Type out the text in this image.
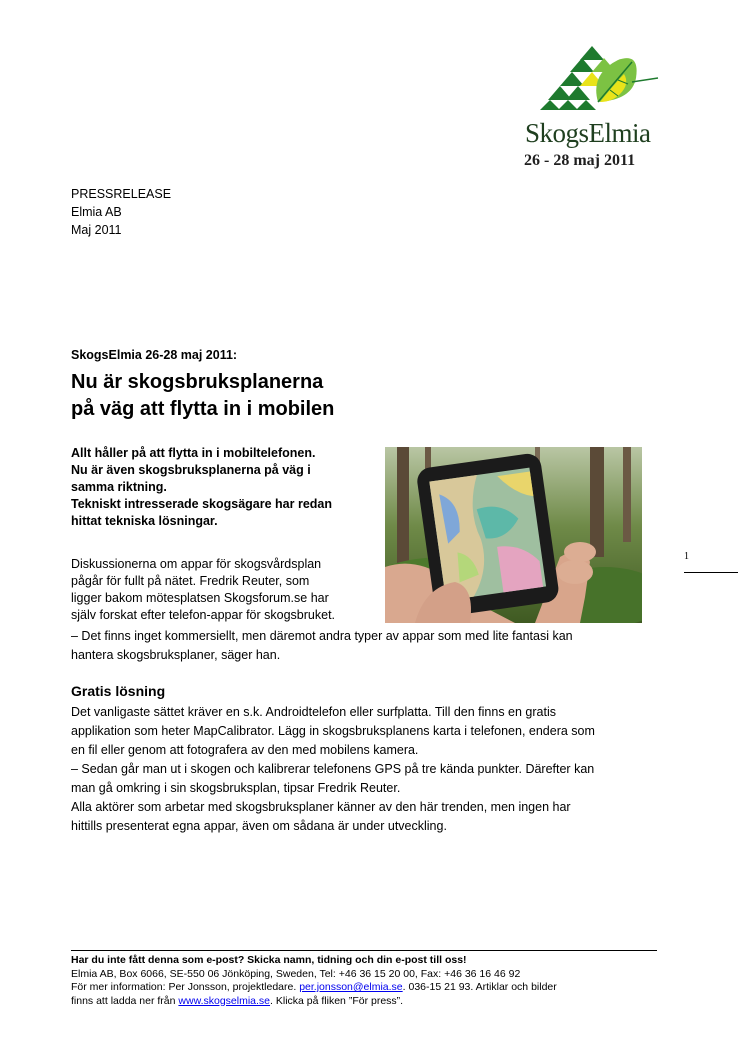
SkogsElmia
26 - 28 maj 2011
PRESSRELEASE
Elmia AB
Maj 2011
SkogsElmia 26-28 maj 2011:
Nu är skogsbruksplanerna
på väg att flytta in i mobilen
Allt håller på att flytta in i mobiltelefonen.
Nu är även skogsbruksplanerna på väg i
samma riktning.
Tekniskt intresserade skogsägare har redan
hittat tekniska lösningar.
Diskussionerna om appar för skogsvårdsplan
pågår för fullt på nätet. Fredrik Reuter, som
ligger bakom mötesplatsen Skogsforum.se har
själv forskat efter telefon-appar för skogsbruket.
– Det finns inget kommersiellt, men däremot andra typer av appar som med lite fantasi kan
hantera skogsbruksplaner, säger han.
Gratis lösning
Det vanligaste sättet kräver en s.k. Androidtelefon eller surfplatta. Till den finns en gratis
applikation som heter MapCalibrator. Lägg in skogsbruksplanens karta i telefonen, endera som
en fil eller genom att fotografera av den med mobilens kamera.
– Sedan går man ut i skogen och kalibrerar telefonens GPS på tre kända punkter. Därefter kan
man gå omkring i sin skogsbruksplan, tipsar Fredrik Reuter.
Alla aktörer som arbetar med skogsbruksplaner känner av den här trenden, men ingen har
hittills presenterat egna appar, även om sådana är under utveckling.
1
Har du inte fått denna som e-post? Skicka namn, tidning och din e-post till oss!
Elmia AB, Box 6066, SE-550 06 Jönköping, Sweden, Tel: +46 36 15 20 00, Fax: +46 36 16 46 92
För mer information: Per Jonsson, projektledare. per.jonsson@elmia.se. 036-15 21 93. Artiklar och bilder
finns att ladda ner från www.skogselmia.se. Klicka på fliken ”För press”.
